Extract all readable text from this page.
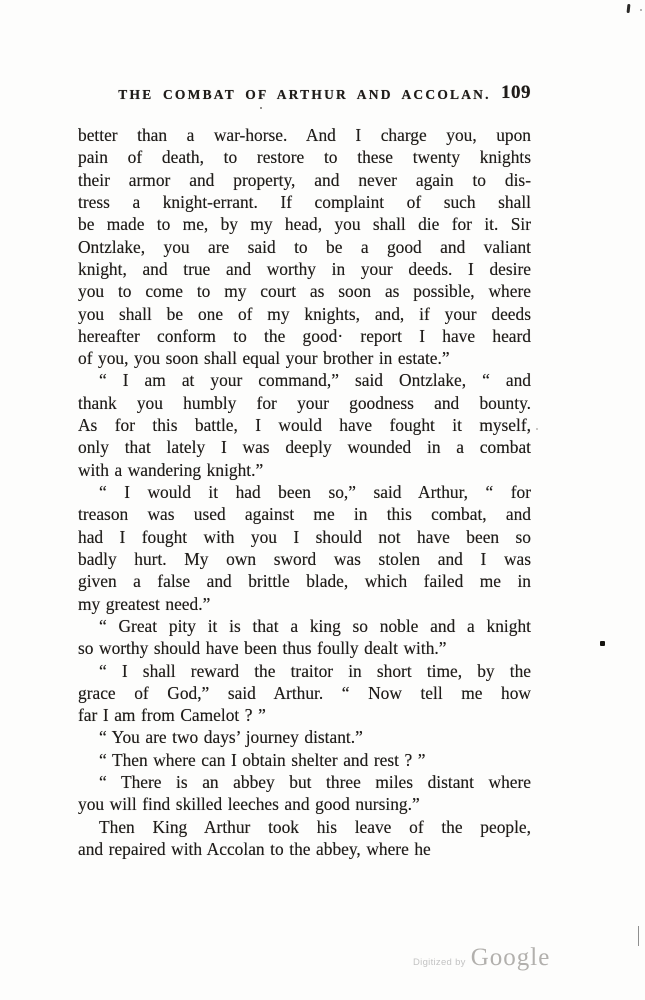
THE COMBAT OF ARTHUR AND ACCOLAN. 109
better than a war-horse. And I charge you, upon
pain of death, to restore to these twenty knights
their armor and property, and never again to dis-
tress a knight-errant. If complaint of such shall
be made to me, by my head, you shall die for it. Sir
Ontzlake, you are said to be a good and valiant
knight, and true and worthy in your deeds. I desire
you to come to my court as soon as possible, where
you shall be one of my knights, and, if your deeds
hereafter conform to the good· report I have heard
of you, you soon shall equal your brother in estate.”
“ I am at your command,” said Ontzlake, “ and
thank you humbly for your goodness and bounty.
As for this battle, I would have fought it myself,
only that lately I was deeply wounded in a combat
with a wandering knight.”
“ I would it had been so,” said Arthur, “ for
treason was used against me in this combat, and
had I fought with you I should not have been so
badly hurt. My own sword was stolen and I was
given a false and brittle blade, which failed me in
my greatest need.”
“ Great pity it is that a king so noble and a knight
so worthy should have been thus foully dealt with.”
“ I shall reward the traitor in short time, by the
grace of God,” said Arthur. “ Now tell me how
far I am from Camelot ? ”
“ You are two days’ journey distant.”
“ Then where can I obtain shelter and rest ? ”
“ There is an abbey but three miles distant where
you will find skilled leeches and good nursing.”
Then King Arthur took his leave of the people,
and repaired with Accolan to the abbey, where he
Digitized by Google
